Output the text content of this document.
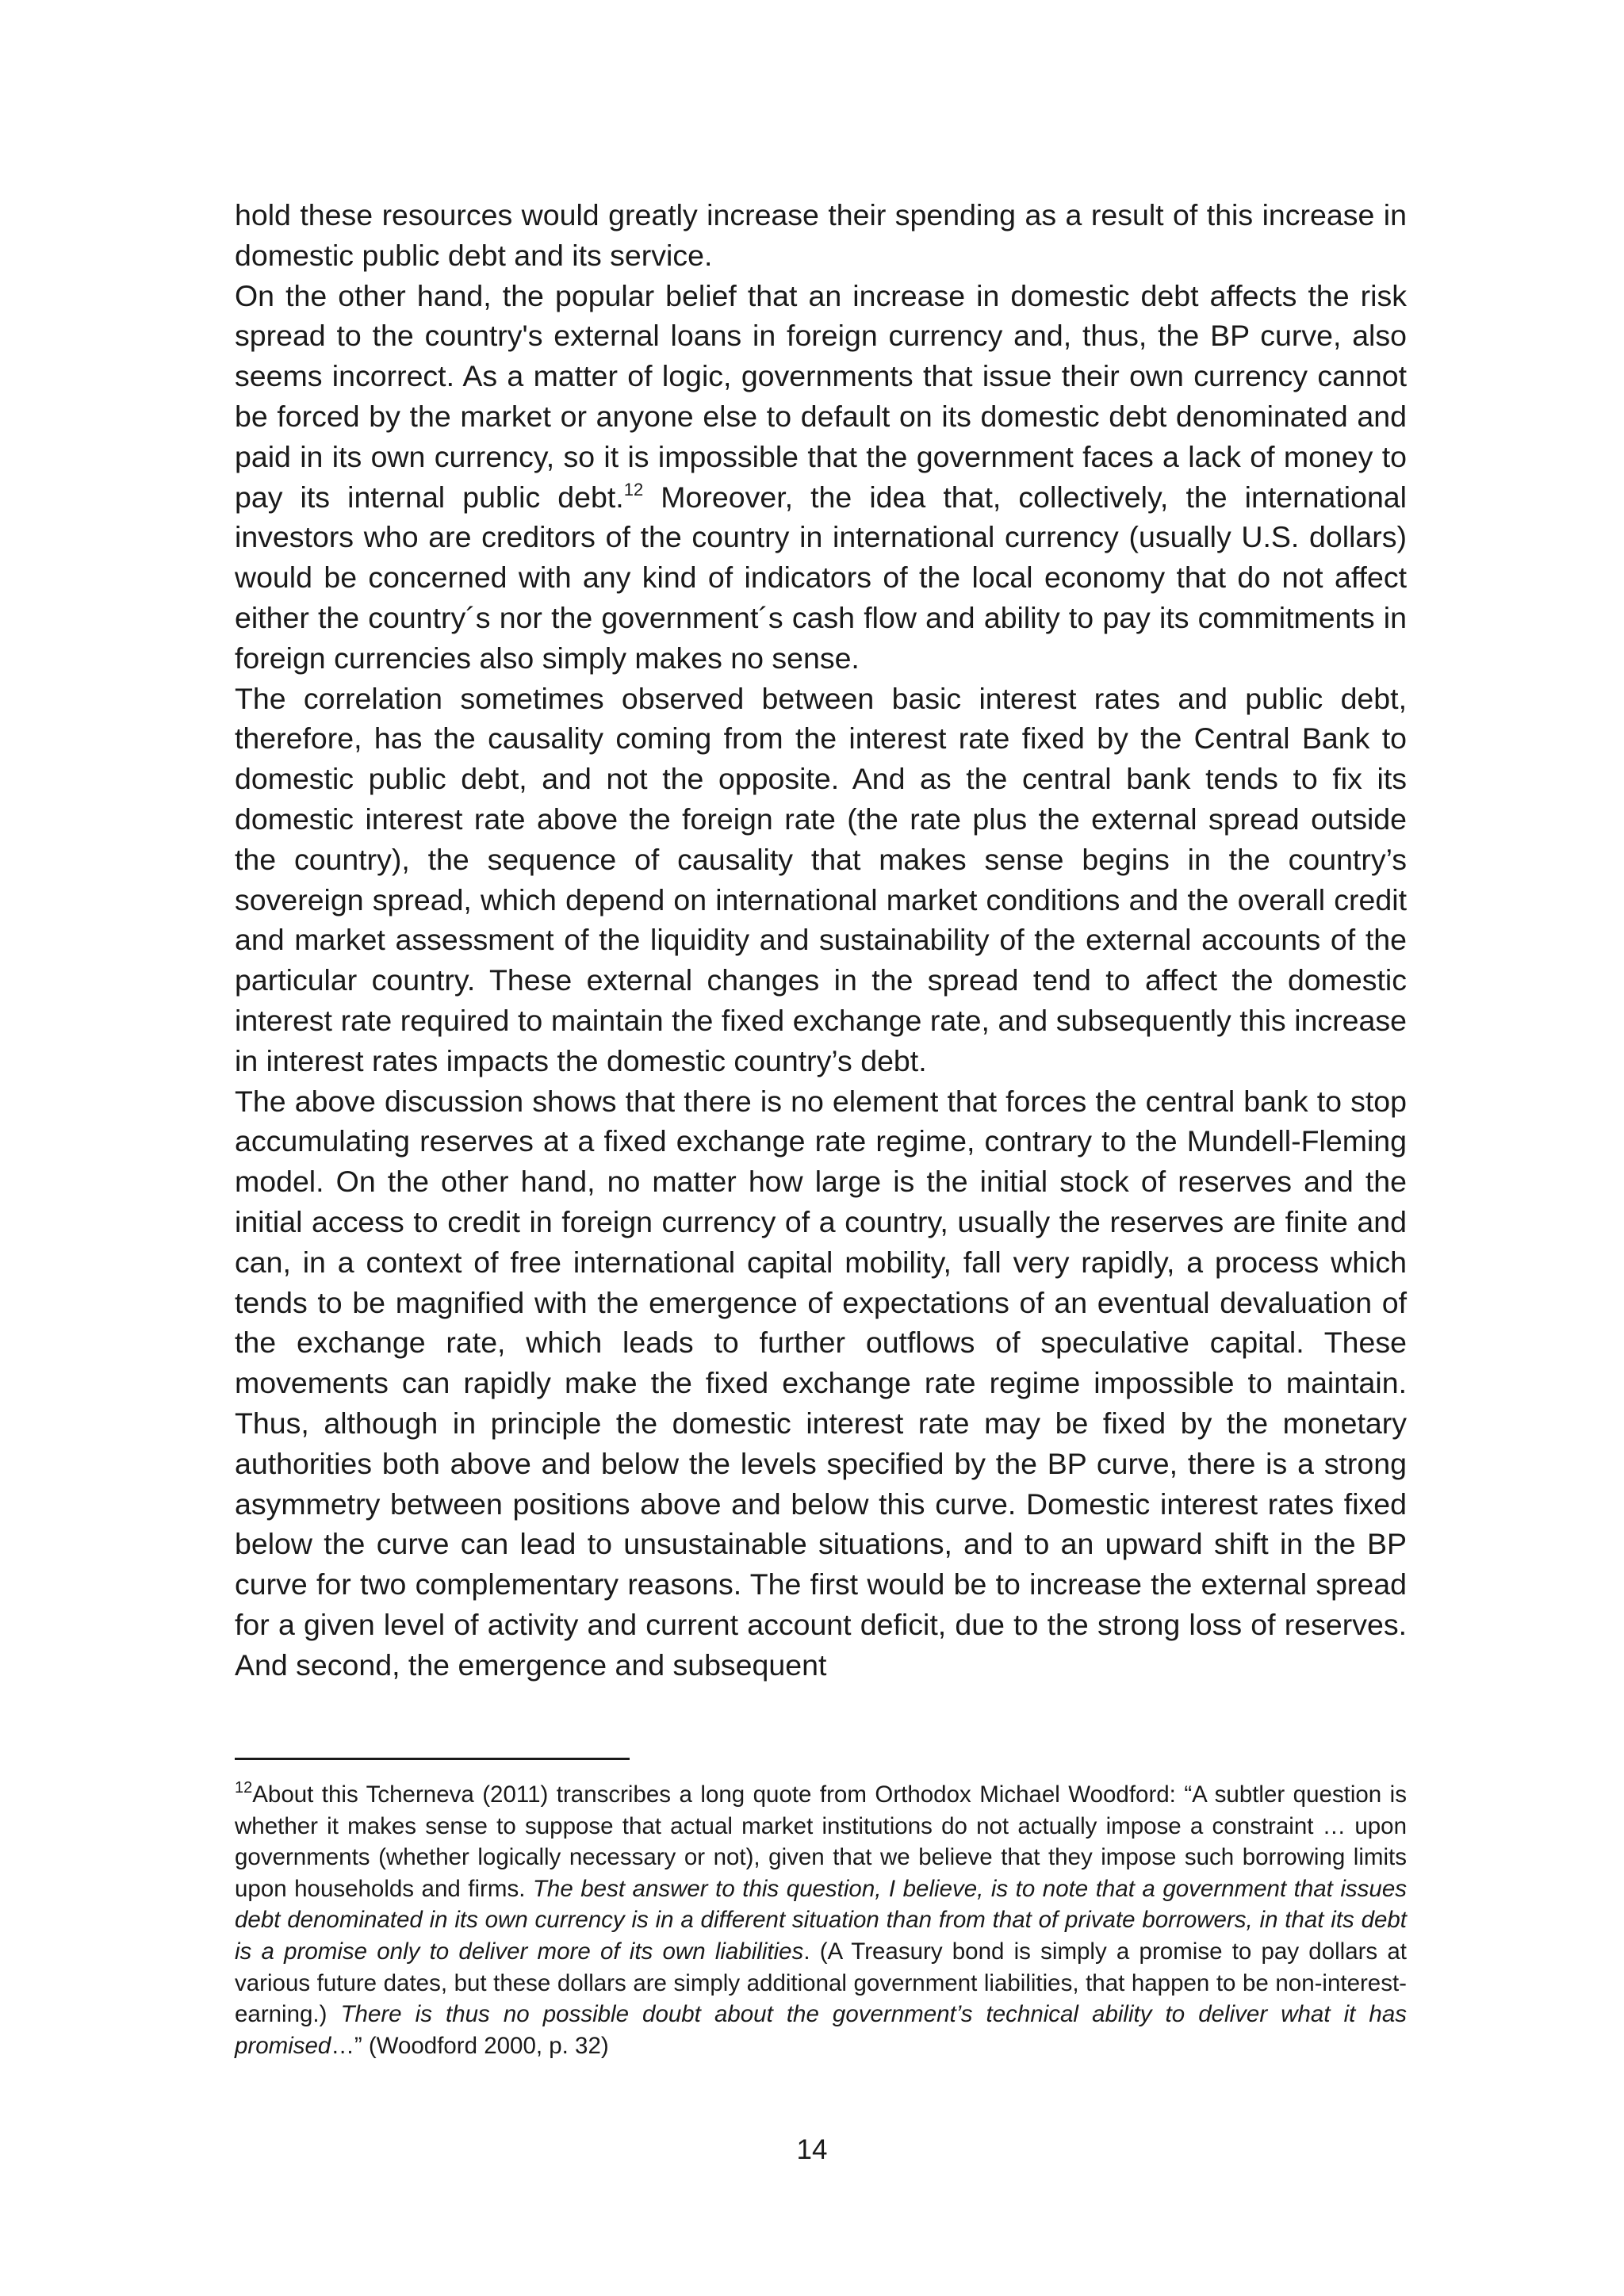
hold these resources would greatly increase their spending as a result of this increase in domestic public debt and its service.

On the other hand, the popular belief that an increase in domestic debt affects the risk spread to the country's external loans in foreign currency and, thus, the BP curve, also seems incorrect. As a matter of logic, governments that issue their own currency cannot be forced by the market or anyone else to default on its domestic debt denominated and paid in its own currency, so it is impossible that the government faces a lack of money to pay its internal public debt.$^{12}$ Moreover, the idea that, collectively, the international investors who are creditors of the country in international currency (usually U.S. dollars) would be concerned with any kind of indicators of the local economy that do not affect either the country´s nor the government´s cash flow and ability to pay its commitments in foreign currencies also simply makes no sense.

The correlation sometimes observed between basic interest rates and public debt, therefore, has the causality coming from the interest rate fixed by the Central Bank to domestic public debt, and not the opposite. And as the central bank tends to fix its domestic interest rate above the foreign rate (the rate plus the external spread outside the country), the sequence of causality that makes sense begins in the country’s sovereign spread, which depend on international market conditions and the overall credit and market assessment of the liquidity and sustainability of the external accounts of the particular country. These external changes in the spread tend to affect the domestic interest rate required to maintain the fixed exchange rate, and subsequently this increase in interest rates impacts the domestic country’s debt.

The above discussion shows that there is no element that forces the central bank to stop accumulating reserves at a fixed exchange rate regime, contrary to the Mundell-Fleming model. On the other hand, no matter how large is the initial stock of reserves and the initial access to credit in foreign currency of a country, usually the reserves are finite and can, in a context of free international capital mobility, fall very rapidly, a process which tends to be magnified with the emergence of expectations of an eventual devaluation of the exchange rate, which leads to further outflows of speculative capital. These movements can rapidly make the fixed exchange rate regime impossible to maintain. Thus, although in principle the domestic interest rate may be fixed by the monetary authorities both above and below the levels specified by the BP curve, there is a strong asymmetry between positions above and below this curve. Domestic interest rates fixed below the curve can lead to unsustainable situations, and to an upward shift in the BP curve for two complementary reasons. The first would be to increase the external spread for a given level of activity and current account deficit, due to the strong loss of reserves. And second, the emergence and subsequent

$^{12}$About this Tcherneva (2011) transcribes a long quote from Orthodox Michael Woodford: “A subtler question is whether it makes sense to suppose that actual market institutions do not actually impose a constraint … upon governments (whether logically necessary or not), given that we believe that they impose such borrowing limits upon households and firms. The best answer to this question, I believe, is to note that a government that issues debt denominated in its own currency is in a different situation than from that of private borrowers, in that its debt is a promise only to deliver more of its own liabilities. (A Treasury bond is simply a promise to pay dollars at various future dates, but these dollars are simply additional government liabilities, that happen to be non-interest-earning.) There is thus no possible doubt about the government’s technical ability to deliver what it has promised…” (Woodford 2000, p. 32)
14
